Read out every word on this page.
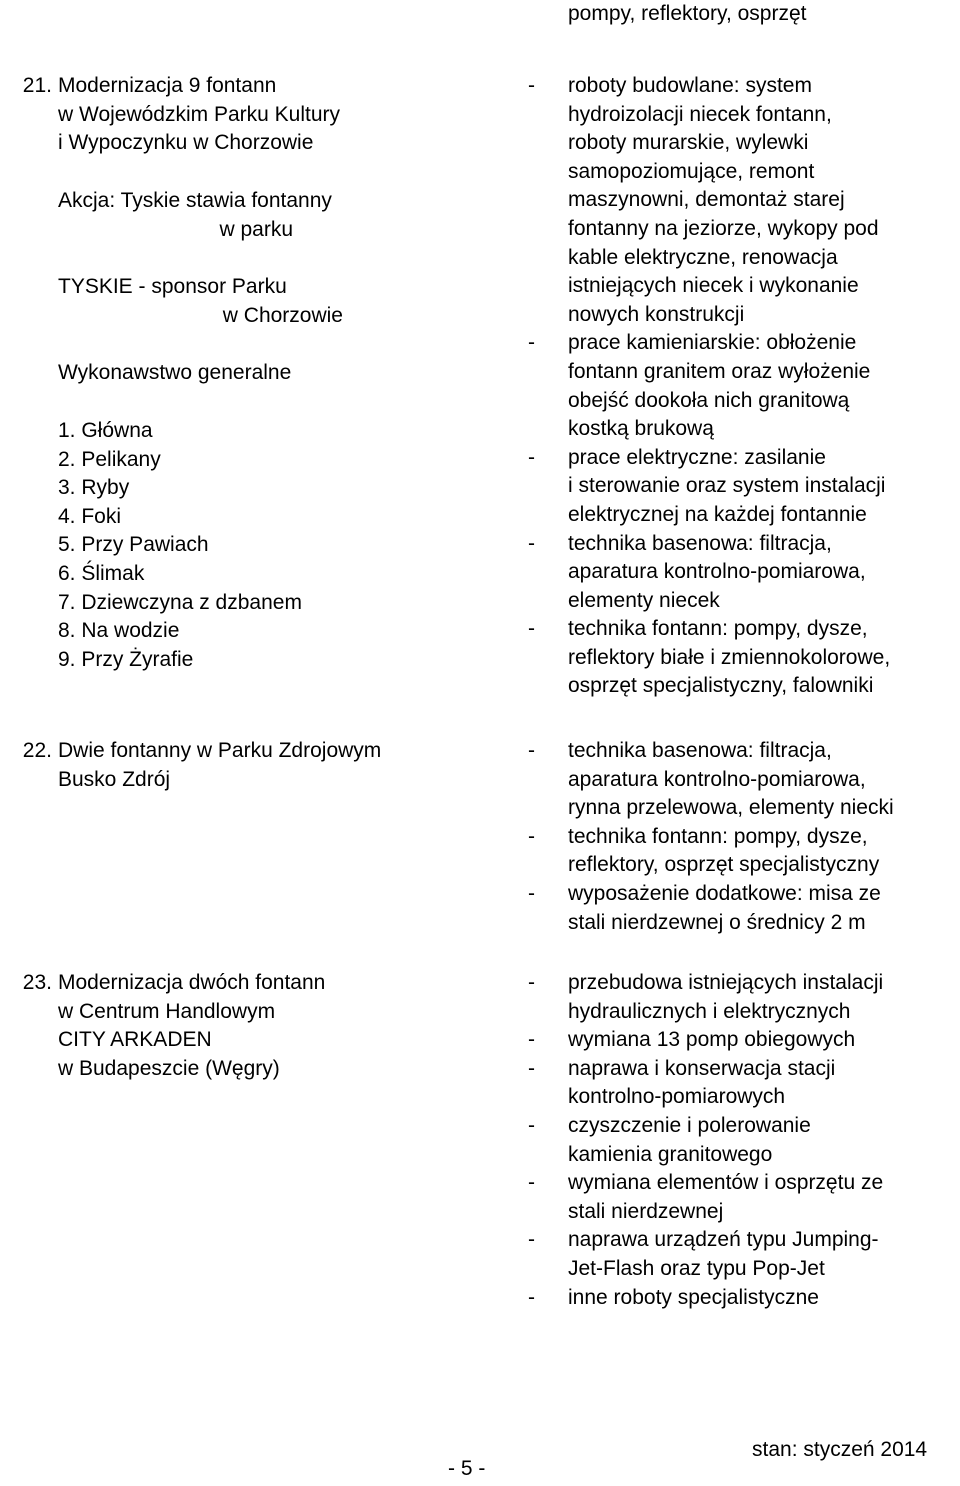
pompy, reflektory, osprzęt
21. Modernizacja 9 fontann
w Wojewódzkim Parku Kultury
i Wypoczynku w Chorzowie
Akcja: Tyskie stawia fontanny
w parku
TYSKIE - sponsor Parku
w Chorzowie
Wykonawstwo generalne
1. Główna
2. Pelikany
3. Ryby
4. Foki
5. Przy Pawiach
6. Ślimak
7. Dziewczyna z dzbanem
8. Na wodzie
9. Przy Żyrafie
- roboty budowlane: system
hydroizolacji niecek fontann,
roboty murarskie, wylewki
samopoziomujące, remont
maszynowni, demontaż starej
fontanny na jeziorze, wykopy pod
kable elektryczne, renowacja
istniejących niecek i wykonanie
nowych konstrukcji
- prace kamieniarskie: obłożenie
fontann granitem oraz wyłożenie
obejść dookoła nich granitową
kostką brukową
- prace elektryczne: zasilanie
i sterowanie oraz system instalacji
elektrycznej na każdej fontannie
- technika basenowa: filtracja,
aparatura kontrolno-pomiarowa,
elementy niecek
- technika fontann: pompy, dysze,
reflektory białe i zmiennokolorowe,
osprzęt specjalistyczny, falowniki
22. Dwie fontanny w Parku Zdrojowym
Busko Zdrój
- technika basenowa: filtracja,
aparatura kontrolno-pomiarowa,
rynna przelewowa, elementy niecki
- technika fontann: pompy, dysze,
reflektory, osprzęt specjalistyczny
- wyposażenie dodatkowe: misa ze
stali nierdzewnej o średnicy 2 m
23. Modernizacja dwóch fontann
w Centrum Handlowym
CITY ARKADEN
w Budapeszcie (Węgry)
- przebudowa istniejących instalacji
hydraulicznych i elektrycznych
- wymiana 13 pomp obiegowych
- naprawa i konserwacja stacji
kontrolno-pomiarowych
- czyszczenie i polerowanie
kamienia granitowego
- wymiana elementów i osprzętu ze
stali nierdzewnej
- naprawa urządzeń typu Jumping-
Jet-Flash oraz typu Pop-Jet
- inne roboty specjalistyczne
stan: styczeń 2014
- 5 -
